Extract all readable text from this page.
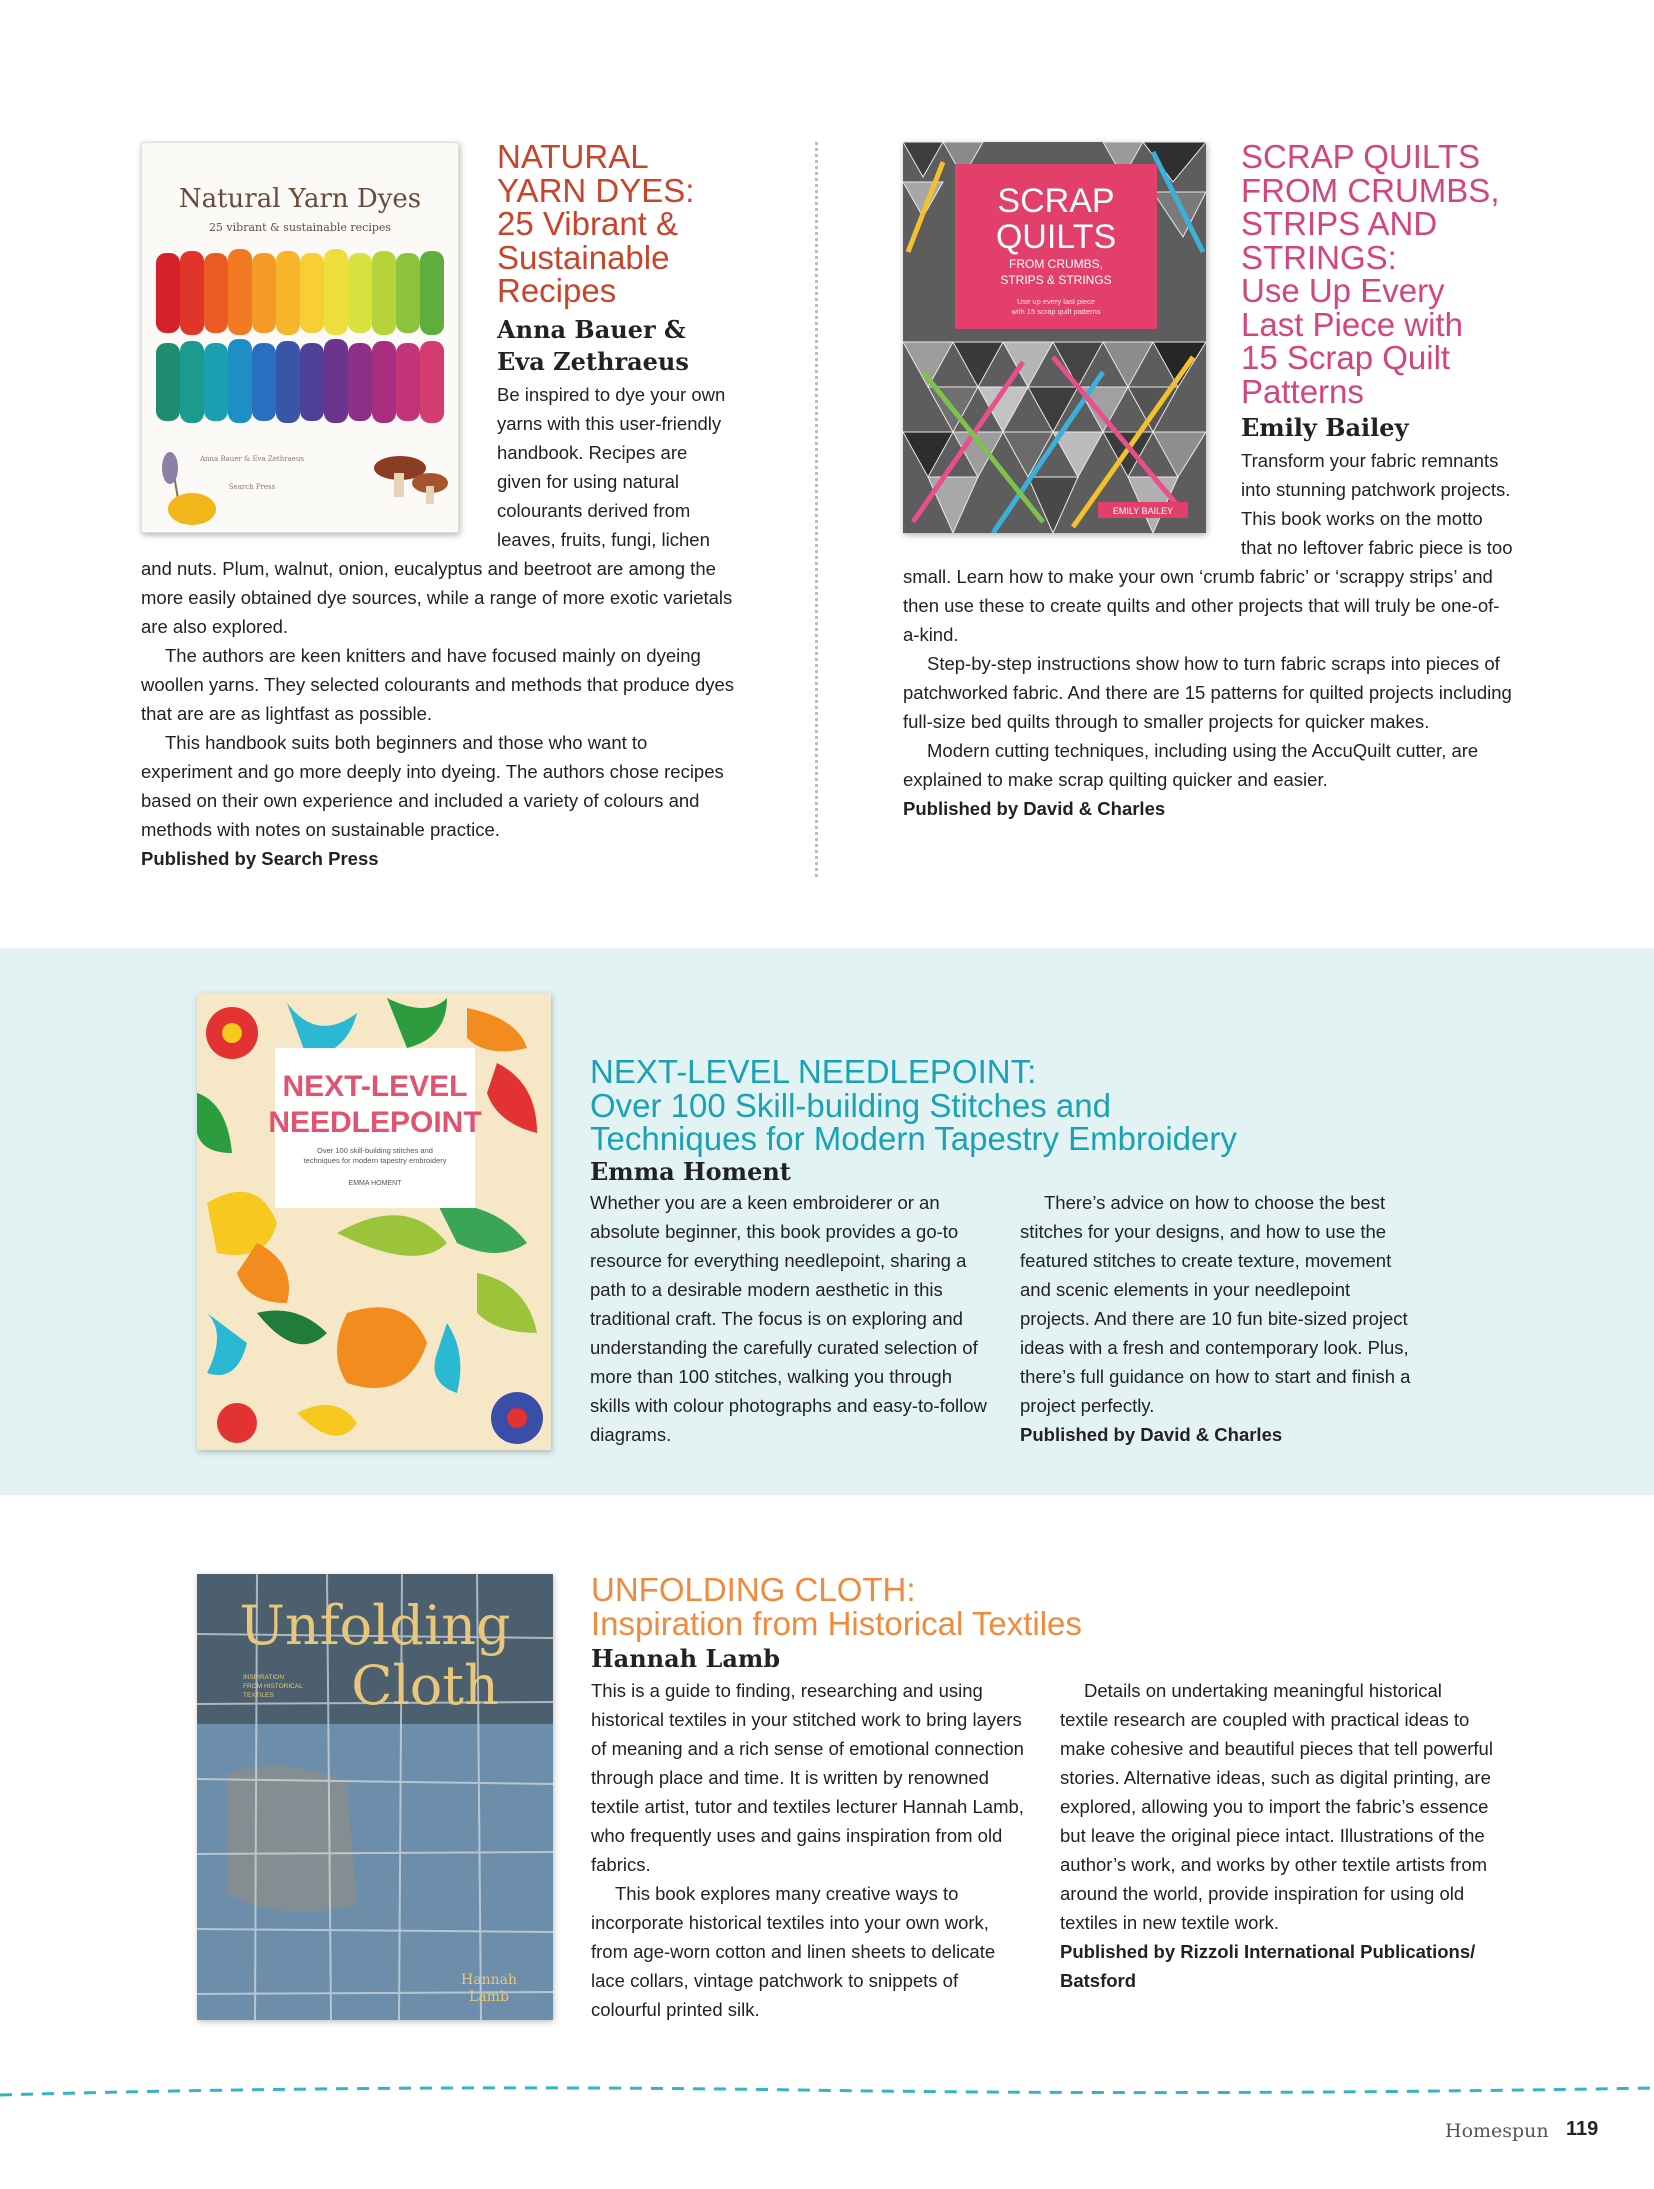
Natural Yarn Dyes
25 vibrant & sustainable recipes
Anna Bauer & Eva Zethraeus
Search Press
NATURAL
YARN DYES:
25 Vibrant &
Sustainable
Recipes
Anna Bauer &
Eva Zethraeus

Be inspired to dye your own yarns with this user-friendly handbook. Recipes are given for using natural colourants derived from leaves, fruits, fungi, lichen and nuts. Plum, walnut, onion, eucalyptus and beetroot are among the more easily obtained dye sources, while a range of more exotic varietals are also explored.

The authors are keen knitters and have focused mainly on dyeing woollen yarns. They selected colourants and methods that produce dyes that are are as lightfast as possible.

This handbook suits both beginners and those who want to experiment and go more deeply into dyeing. The authors chose recipes based on their own experience and included a variety of colours and methods with notes on sustainable practice.

Published by Search Press

SCRAP
QUILTS
FROM CRUMBS,
STRIPS & STRINGS
Use up every last piece
with 15 scrap quilt patterns
EMILY BAILEY
SCRAP QUILTS
FROM CRUMBS,
STRIPS AND
STRINGS:
Use Up Every
Last Piece with
15 Scrap Quilt
Patterns
Emily Bailey

Transform your fabric remnants into stunning patchwork projects. This book works on the motto that no leftover fabric piece is too small. Learn how to make your own ‘crumb fabric’ or ‘scrappy strips’ and then use these to create quilts and other projects that will truly be one-of-a-kind.

Step-by-step instructions show how to turn fabric scraps into pieces of patchworked fabric. And there are 15 patterns for quilted projects including full-size bed quilts through to smaller projects for quicker makes.

Modern cutting techniques, including using the AccuQuilt cutter, are explained to make scrap quilting quicker and easier.

Published by David & Charles

NEXT-LEVEL
NEEDLEPOINT
Over 100 skill-building stitches and
techniques for modern tapestry embroidery
EMMA HOMENT
NEXT-LEVEL NEEDLEPOINT:
Over 100 Skill-building Stitches and
Techniques for Modern Tapestry Embroidery
Emma Homent

Whether you are a keen embroiderer or an absolute beginner, this book provides a go-to resource for everything needlepoint, sharing a path to a desirable modern aesthetic in this traditional craft. The focus is on exploring and understanding the carefully curated selection of more than 100 stitches, walking you through skills with colour photographs and easy-to-follow diagrams.

There’s advice on how to choose the best stitches for your designs, and how to use the featured stitches to create texture, movement and scenic elements in your needlepoint projects. And there are 10 fun bite-sized project ideas with a fresh and contemporary look. Plus, there’s full guidance on how to start and finish a project perfectly.

Published by David & Charles

Unfolding
Cloth
INSPIRATION
FROM HISTORICAL
TEXTILES
Hannah
Lamb
UNFOLDING CLOTH:
Inspiration from Historical Textiles
Hannah Lamb

This is a guide to finding, researching and using historical textiles in your stitched work to bring layers of meaning and a rich sense of emotional connection through place and time. It is written by renowned textile artist, tutor and textiles lecturer Hannah Lamb, who frequently uses and gains inspiration from old fabrics.

This book explores many creative ways to incorporate historical textiles into your own work, from age-worn cotton and linen sheets to delicate lace collars, vintage patchwork to snippets of colourful printed silk.

Details on undertaking meaningful historical textile research are coupled with practical ideas to make cohesive and beautiful pieces that tell powerful stories. Alternative ideas, such as digital printing, are explored, allowing you to import the fabric’s essence but leave the original piece intact. Illustrations of the author’s work, and works by other textile artists from around the world, provide inspiration for using old textiles in new textile work.

Published by Rizzoli International Publications/ Batsford

Homespun 119
